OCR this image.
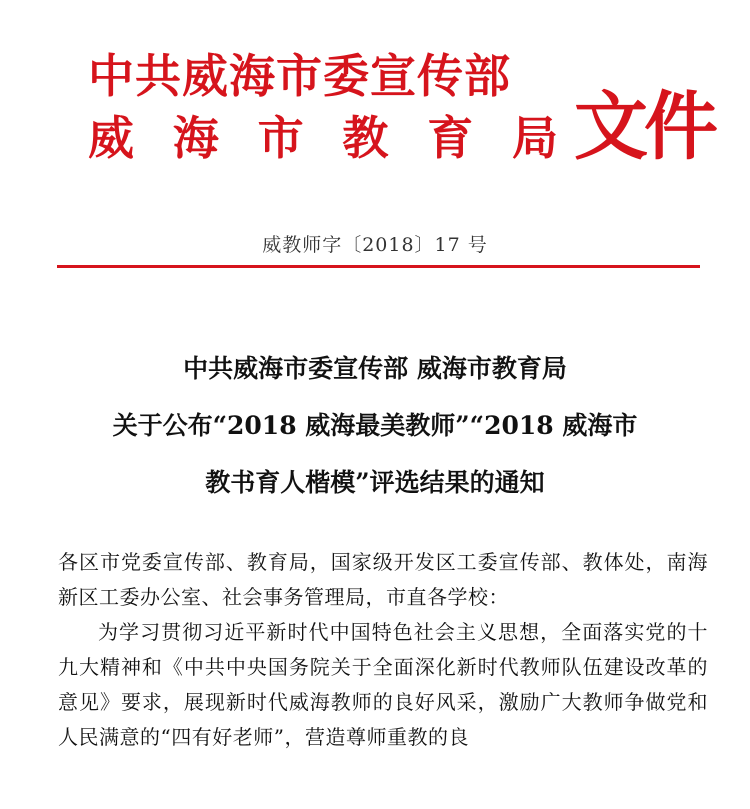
中共威海市委宣传部
威 海 市 教 育 局 文件
威教师字〔2018〕17 号
中共威海市委宣传部 威海市教育局
关于公布“2018 威海最美教师”“2018 威海市
教书育人楷模”评选结果的通知

各区市党委宣传部、教育局，国家级开发区工委宣传部、教体处，南海新区工委办公室、社会事务管理局，市直各学校：

为学习贯彻习近平新时代中国特色社会主义思想，全面落实党的十九大精神和《中共中央国务院关于全面深化新时代教师队伍建设改革的意见》要求，展现新时代威海教师的良好风采，激励广大教师争做党和人民满意的“四有好老师”，营造尊师重教的良
